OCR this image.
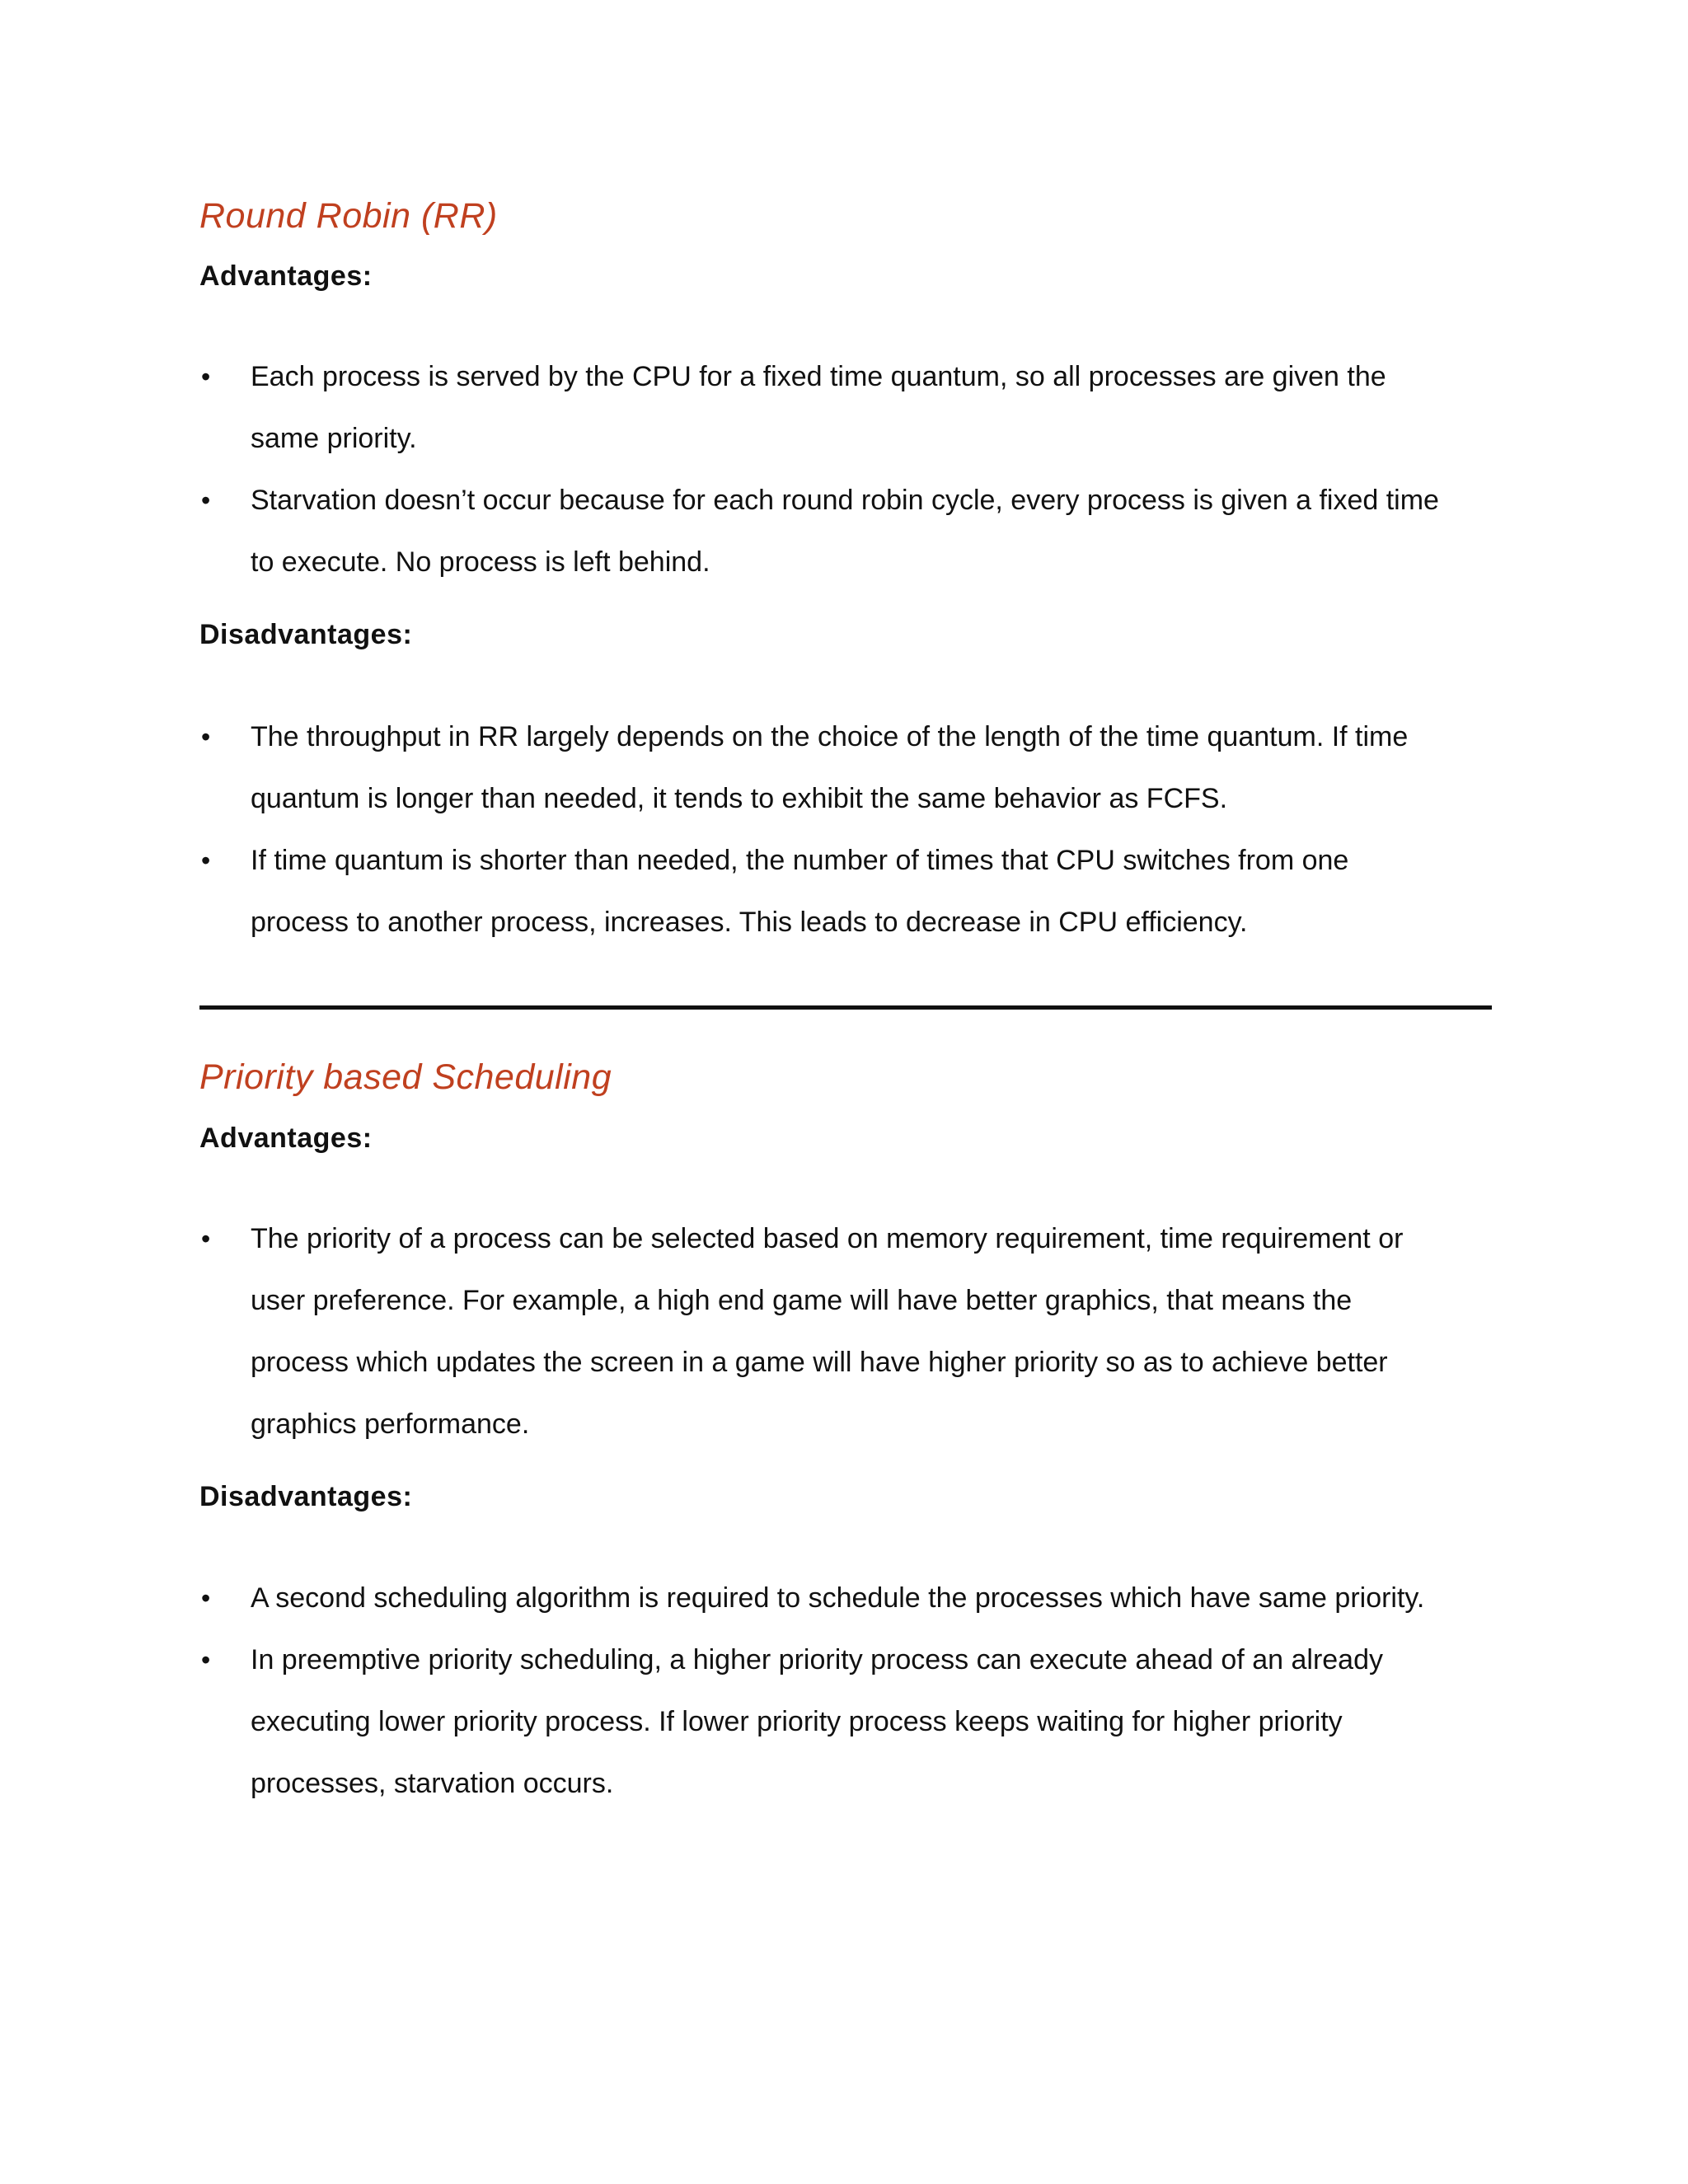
Round Robin (RR)
Advantages:
• Each process is served by the CPU for a fixed time quantum, so all processes are given the
same priority.
• Starvation doesn’t occur because for each round robin cycle, every process is given a fixed time
to execute. No process is left behind.
Disadvantages:
• The throughput in RR largely depends on the choice of the length of the time quantum. If time
quantum is longer than needed, it tends to exhibit the same behavior as FCFS.
• If time quantum is shorter than needed, the number of times that CPU switches from one
process to another process, increases. This leads to decrease in CPU efficiency.
Priority based Scheduling
Advantages:
• The priority of a process can be selected based on memory requirement, time requirement or
user preference. For example, a high end game will have better graphics, that means the
process which updates the screen in a game will have higher priority so as to achieve better
graphics performance.
Disadvantages:
• A second scheduling algorithm is required to schedule the processes which have same priority.
• In preemptive priority scheduling, a higher priority process can execute ahead of an already
executing lower priority process. If lower priority process keeps waiting for higher priority
processes, starvation occurs.
